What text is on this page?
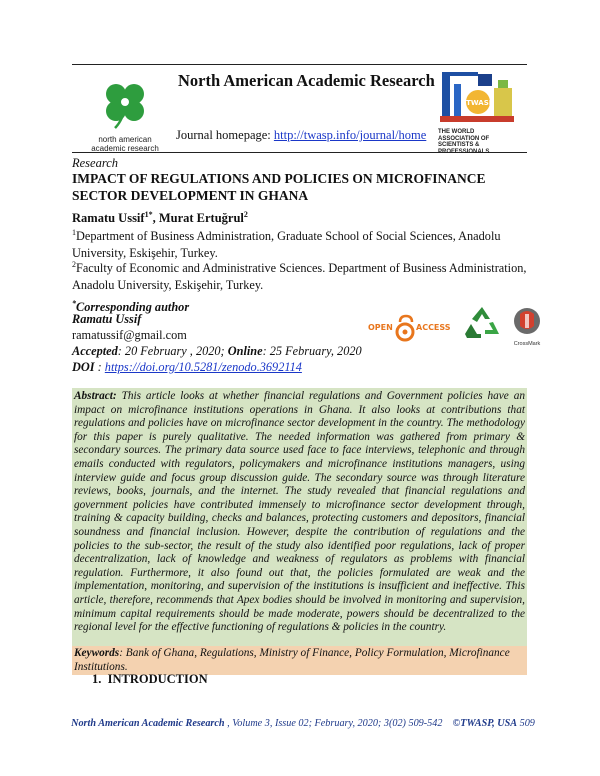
north american
academic research
North American Academic Research
Journal homepage: http://twasp.info/journal/home
TWASP
THE WORLD
ASSOCIATION OF
SCIENTISTS &
PROFESSIONALS
Research
IMPACT OF REGULATIONS AND POLICIES ON MICROFINANCE SECTOR DEVELOPMENT IN GHANA
Ramatu Ussif$^{1*}$, Murat Ertuğrul$^2$
$^1$Department of Business Administration, Graduate School of Social Sciences, Anadolu University, Eskişehir, Turkey.
$^2$Faculty of Economic and Administrative Sciences. Department of Business Administration, Anadolu University, Eskişehir, Turkey.
*Corresponding author
Ramatu Ussif
ramatussif@gmail.com
Accepted: 20 February , 2020; Online: 25 February, 2020
DOI : https://doi.org/10.5281/zenodo.3692114
OPEN	ACCESS
CrossMark
Abstract: This article looks at whether financial regulations and Government policies have an impact on microfinance institutions operations in Ghana. It also looks at contributions that regulations and policies have on microfinance sector development in the country. The methodology for this paper is purely qualitative. The needed information was gathered from primary & secondary sources. The primary data source used face to face interviews, telephonic and through emails conducted with regulators, policymakers and microfinance institutions managers, using interview guide and focus group discussion guide. The secondary source was through literature reviews, books, journals, and the internet. The study revealed that financial regulations and government policies have contributed immensely to microfinance sector development through, training & capacity building, checks and balances, protecting customers and depositors, financial soundness and financial inclusion. However, despite the contribution of regulations and the policies to the sub-sector, the result of the study also identified poor regulations, lack of proper decentralization, lack of knowledge and weakness of regulators as problems with financial regulation. Furthermore, it also found out that, the policies formulated are weak and the implementation, monitoring, and supervision of the institutions is insufficient and ineffective. This article, therefore, recommends that Apex bodies should be involved in monitoring and supervision, minimum capital requirements should be made moderate, powers should be decentralized to the regional level for the effective functioning of regulations & policies in the country.
Keywords: Bank of Ghana, Regulations, Ministry of Finance, Policy Formulation, Microfinance Institutions.
1. INTRODUCTION
North American Academic Research , Volume 3, Issue 02; February, 2020; 3(02) 509-542 ©TWASP, USA 509
